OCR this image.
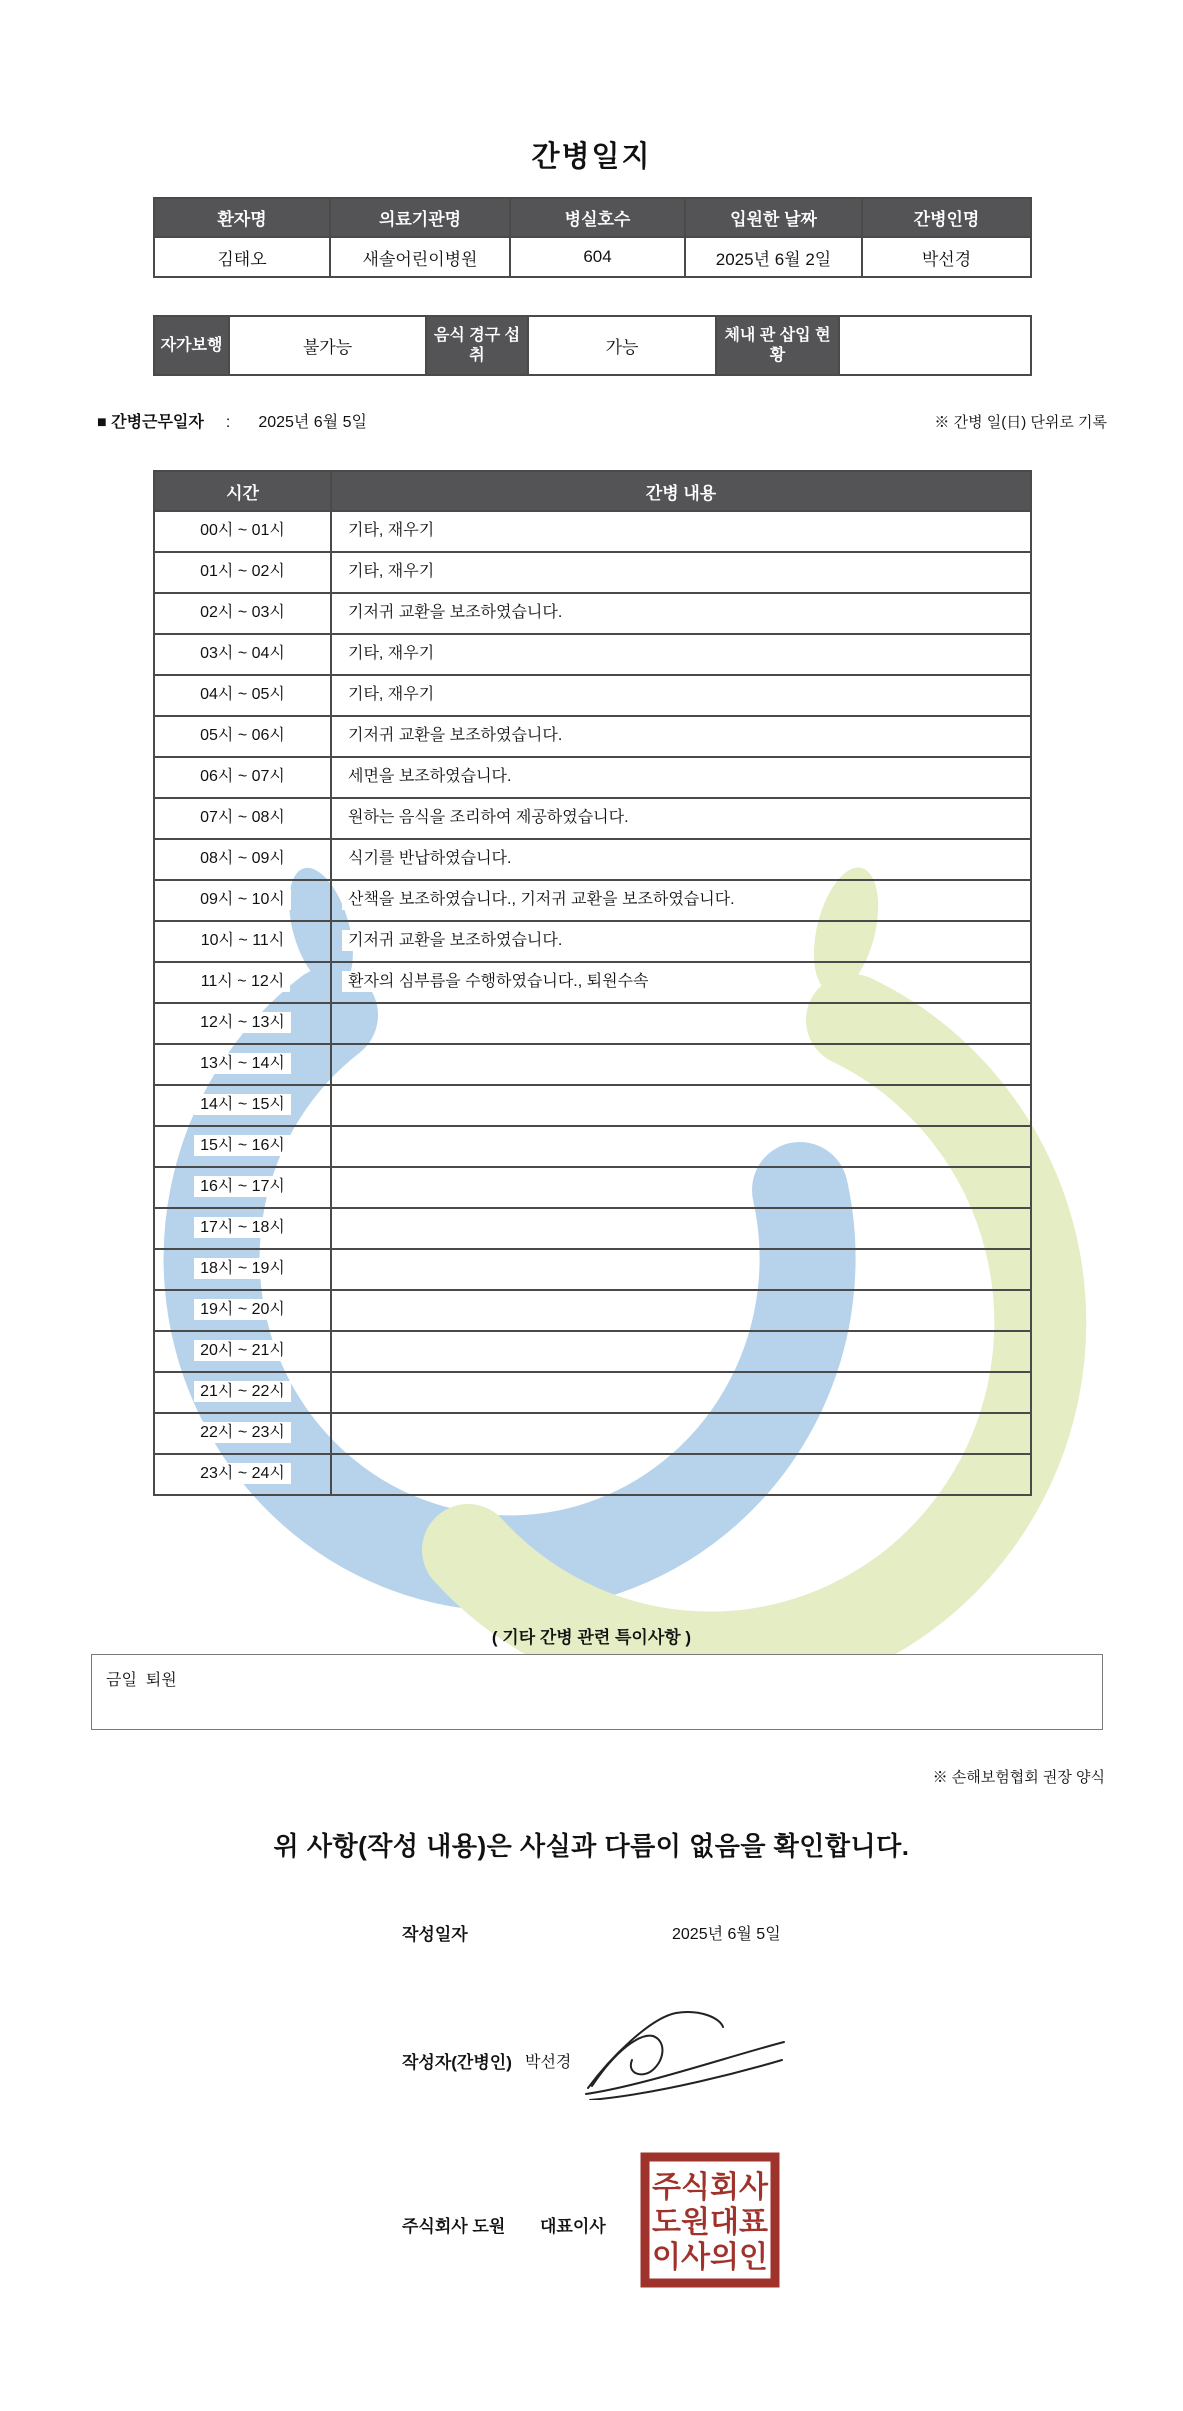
간병일지
환자명	의료기관명	병실호수	입원한 날짜	간병인명
김태오	새솔어린이병원	604	2025년 6월 2일	박선경
자가보행	불가능	음식 경구 섭취	가능	체내 관 삽입 현황	
■ 간병근무일자 : 2025년 6월 5일	※ 간병 일(日) 단위로 기록
시간	간병 내용
00시 ~ 01시	기타, 재우기
01시 ~ 02시	기타, 재우기
02시 ~ 03시	기저귀 교환을 보조하였습니다.
03시 ~ 04시	기타, 재우기
04시 ~ 05시	기타, 재우기
05시 ~ 06시	기저귀 교환을 보조하였습니다.
06시 ~ 07시	세면을 보조하였습니다.
07시 ~ 08시	원하는 음식을 조리하여 제공하였습니다.
08시 ~ 09시	식기를 반납하였습니다.
09시 ~ 10시	산책을 보조하였습니다., 기저귀 교환을 보조하였습니다.
10시 ~ 11시	기저귀 교환을 보조하였습니다.
11시 ~ 12시	환자의 심부름을 수행하였습니다., 퇴원수속
12시 ~ 13시	
13시 ~ 14시	
14시 ~ 15시	
15시 ~ 16시	
16시 ~ 17시	
17시 ~ 18시	
18시 ~ 19시	
19시 ~ 20시	
20시 ~ 21시	
21시 ~ 22시	
22시 ~ 23시	
23시 ~ 24시	
( 기타 간병 관련 특이사항 )
금일  퇴원
※ 손해보험협회 권장 양식
위 사항(작성 내용)은 사실과 다름이 없음을 확인합니다.
작성일자	2025년 6월 5일
작성자(간병인) 박선경
주식회사 도원 대표이사
주식회사
도원대표
이사의인
